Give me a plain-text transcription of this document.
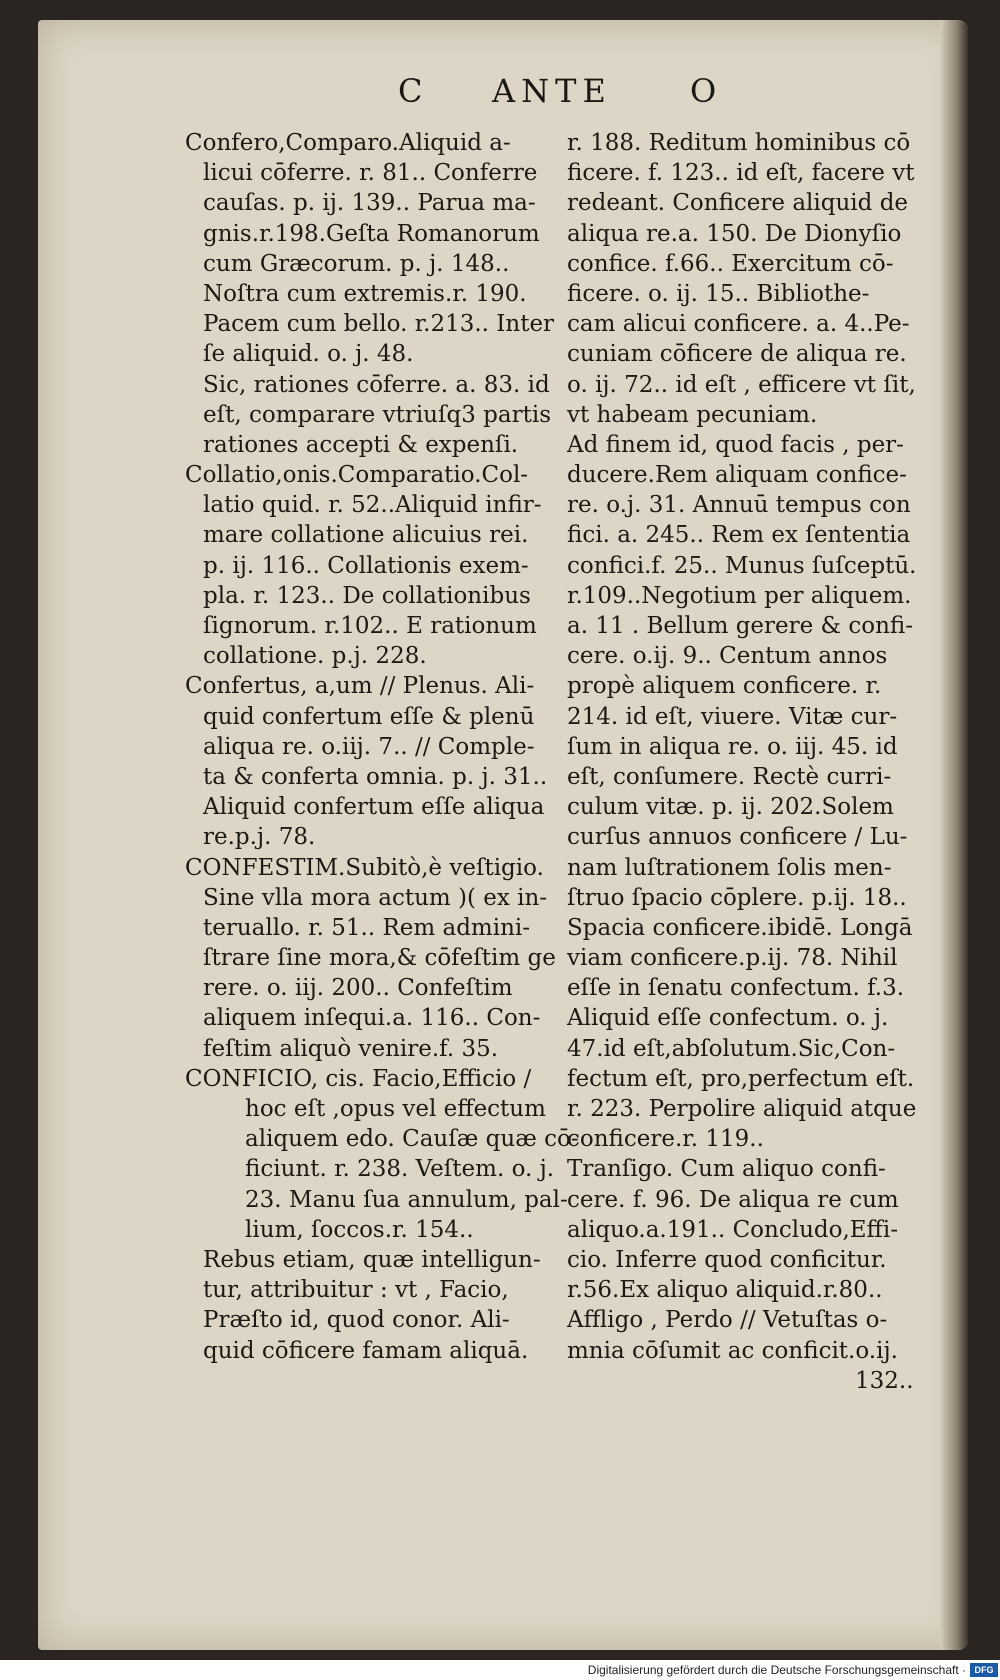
C ANTE O
Confero,Comparo.Aliquid a-
licui cōferre. r. 81.. Conferre
cauſas. p. ij. 139.. Parua ma-
gnis.r.198.Geſta Romanorum
cum Græcorum. p. j. 148..
Noſtra cum extremis.r. 190.
Pacem cum bello. r.213.. Inter
ſe aliquid. o. j. 48.
Sic, rationes cōferre. a. 83. id
eſt, comparare vtriuſq3 partis
rationes accepti & expenſi.
Collatio,onis.Comparatio.Col-
latio quid. r. 52..Aliquid infir-
mare collatione alicuius rei.
p. ij. 116.. Collationis exem-
pla. r. 123.. De collationibus
ſignorum. r.102.. E rationum
collatione. p.j. 228.
Confertus, a,um // Plenus. Ali-
quid confertum eſſe & plenū
aliqua re. o.iij. 7.. // Comple-
ta & conferta omnia. p. j. 31..
Aliquid confertum eſſe aliqua
re.p.j. 78.
CONFESTIM.Subitò,è veſtigio.
Sine vlla mora actum )( ex in-
teruallo. r. 51.. Rem admini-
ſtrare ſine mora,& cōfeſtim ge
rere. o. iij. 200.. Confeſtim
aliquem inſequi.a. 116.. Con-
feſtim aliquò venire.f. 35.
CONFICIO, cis. Facio,Efficio /
hoc eſt ,opus vel effectum
aliquem edo. Cauſæ quæ cō-
ficiunt. r. 238. Veſtem. o. j.
23. Manu ſua annulum, pal-
lium, ſoccos.r. 154..
Rebus etiam, quæ intelligun-
tur, attribuitur : vt , Facio,
Præſto id, quod conor. Ali-
quid cōficere famam aliquā.
r. 188. Reditum hominibus cō
ficere. f. 123.. id eſt, facere vt
redeant. Conficere aliquid de
aliqua re.a. 150. De Dionyſio
confice. f.66.. Exercitum cō-
ficere. o. ij. 15.. Bibliothe-
cam alicui conficere. a. 4..Pe-
cuniam cōficere de aliqua re.
o. ij. 72.. id eſt , efficere vt ſit,
vt habeam pecuniam.
Ad finem id, quod facis , per-
ducere.Rem aliquam confice-
re. o.j. 31. Annuū tempus con
fici. a. 245.. Rem ex ſententia
confici.f. 25.. Munus ſuſceptū.
r.109..Negotium per aliquem.
a. 11 . Bellum gerere & confi-
cere. o.ij. 9.. Centum annos
propè aliquem conficere. r.
214. id eſt, viuere. Vitæ cur-
ſum in aliqua re. o. iij. 45. id
eſt, conſumere. Rectè curri-
culum vitæ. p. ij. 202.Solem
curſus annuos conficere / Lu-
nam luſtrationem ſolis men-
ſtruo ſpacio cōplere. p.ij. 18..
Spacia conficere.ibidē. Longā
viam conficere.p.ij. 78. Nihil
eſſe in ſenatu confectum. f.3.
Aliquid eſſe confectum. o. j.
47.id eſt,abſolutum.Sic,Con-
fectum eſt, pro,perfectum eſt.
r. 223. Perpolire aliquid atque
conficere.r. 119..
Tranſigo. Cum aliquo confi-
cere. f. 96. De aliqua re cum
aliquo.a.191.. Concludo,Effi-
cio. Inferre quod conficitur.
r.56.Ex aliquo aliquid.r.80..
Affligo , Perdo // Vetuſtas o-
mnia cōſumit ac conficit.o.ij.
132..
Digitalisierung gefördert durch die Deutsche Forschungsgemeinschaft · DFG
